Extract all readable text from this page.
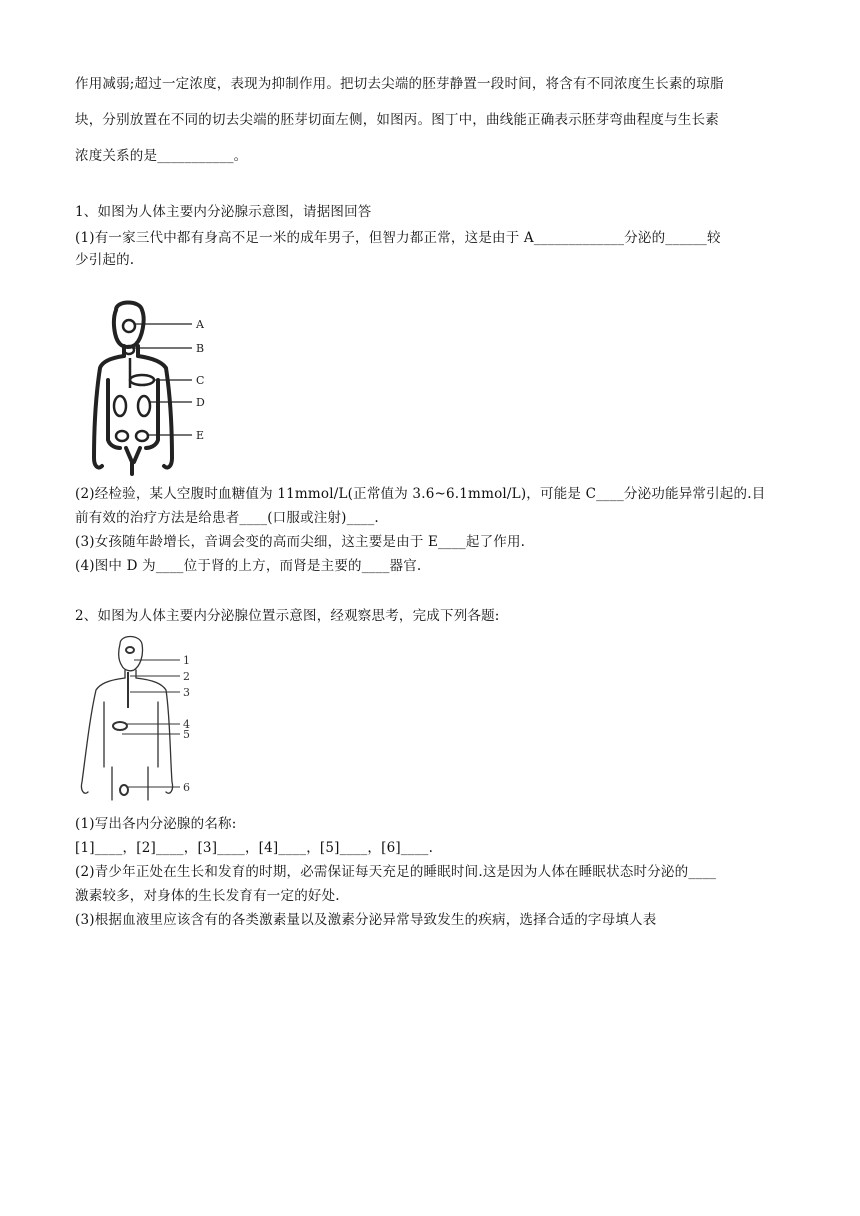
作用减弱;超过一定浓度，表现为抑制作用。把切去尖端的胚芽静置一段时间，将含有不同浓度生长素的琼脂
块，分别放置在不同的切去尖端的胚芽切面左侧，如图丙。图丁中，曲线能正确表示胚芽弯曲程度与生长素
浓度关系的是___________。
1、如图为人体主要内分泌腺示意图，请据图回答
(1)有一家三代中都有身高不足一米的成年男子，但智力都正常，这是由于 A_____________分泌的______较
少引起的.
A
B
C
D
E
(2)经检验，某人空腹时血糖值为 11mmol/L(正常值为 3.6~6.1mmol/L)，可能是 C____分泌功能异常引起的.目
前有效的治疗方法是给患者____(口服或注射)____.
(3)女孩随年龄增长，音调会变的高而尖细，这主要是由于 E____起了作用.
(4)图中 D 为____位于肾的上方，而肾是主要的____器官.
2、如图为人体主要内分泌腺位置示意图，经观察思考，完成下列各题:
1
2
3
4
5
6
(1)写出各内分泌腺的名称:
[1]____，[2]____，[3]____，[4]____，[5]____，[6]____.
(2)青少年正处在生长和发育的时期，必需保证每天充足的睡眠时间.这是因为人体在睡眠状态时分泌的____
激素较多，对身体的生长发育有一定的好处.
(3)根据血液里应该含有的各类激素量以及激素分泌异常导致发生的疾病，选择合适的字母填人表
